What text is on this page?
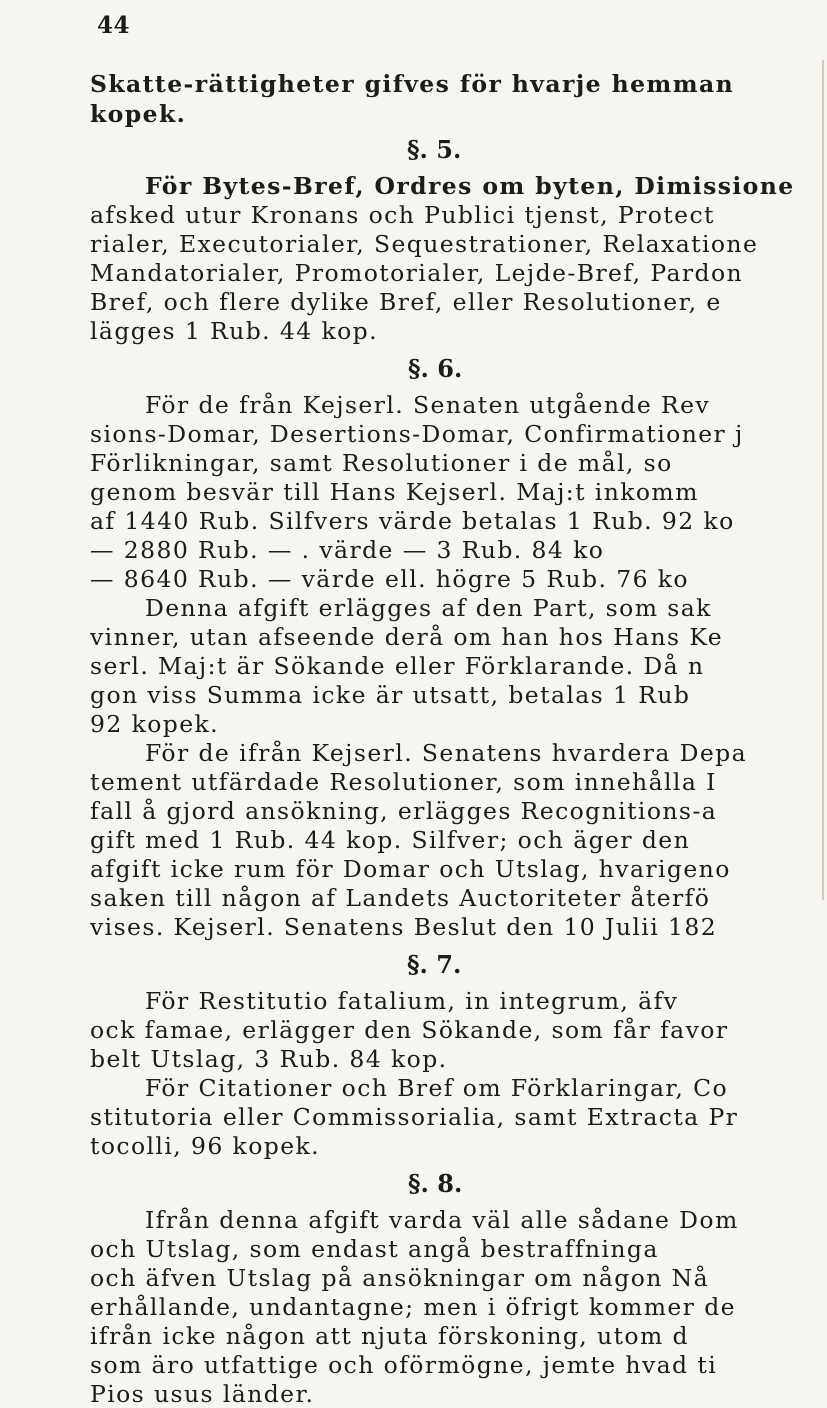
44
Skatte-rättigheter gifves för hvarje hemman
kopek.
§. 5.
För Bytes-Bref, Ordres om byten, Dimissione
afsked utur Kronans och Publici tjenst, Protect
rialer, Executorialer, Sequestrationer, Relaxatione
Mandatorialer, Promotorialer, Lejde-Bref, Pardon
Bref, och flere dylike Bref, eller Resolutioner, e
lägges 1 Rub. 44 kop.
§. 6.
För de från Kejserl. Senaten utgående Rev
sions-Domar, Desertions-Domar, Confirmationer j
Förlikningar, samt Resolutioner i de mål, so
genom besvär till Hans Kejserl. Maj:t inkomm
af 1440 Rub. Silfvers värde betalas 1 Rub. 92 ko
— 2880 Rub. — . värde — 3 Rub. 84 ko
— 8640 Rub. — värde ell. högre 5 Rub. 76 ko
Denna afgift erlägges af den Part, som sak
vinner, utan afseende derå om han hos Hans Ke
serl. Maj:t är Sökande eller Förklarande. Då n
gon viss Summa icke är utsatt, betalas 1 Rub
92 kopek.
För de ifrån Kejserl. Senatens hvardera Depa
tement utfärdade Resolutioner, som innehålla I
fall å gjord ansökning, erlägges Recognitions-a
gift med 1 Rub. 44 kop. Silfver; och äger den
afgift icke rum för Domar och Utslag, hvarigeno
saken till någon af Landets Auctoriteter återfö
vises. Kejserl. Senatens Beslut den 10 Julii 182
§. 7.
För Restitutio fatalium, in integrum, äfv
ock famae, erlägger den Sökande, som får favor
belt Utslag, 3 Rub. 84 kop.
För Citationer och Bref om Förklaringar, Co
stitutoria eller Commissorialia, samt Extracta Pr
tocolli, 96 kopek.
§. 8.
Ifrån denna afgift varda väl alle sådane Dom
och Utslag, som endast angå bestraffninga
och äfven Utslag på ansökningar om någon Nå
erhållande, undantagne; men i öfrigt kommer de
ifrån icke någon att njuta förskoning, utom d
som äro utfattige och oförmögne, jemte hvad ti
Pios usus länder.
